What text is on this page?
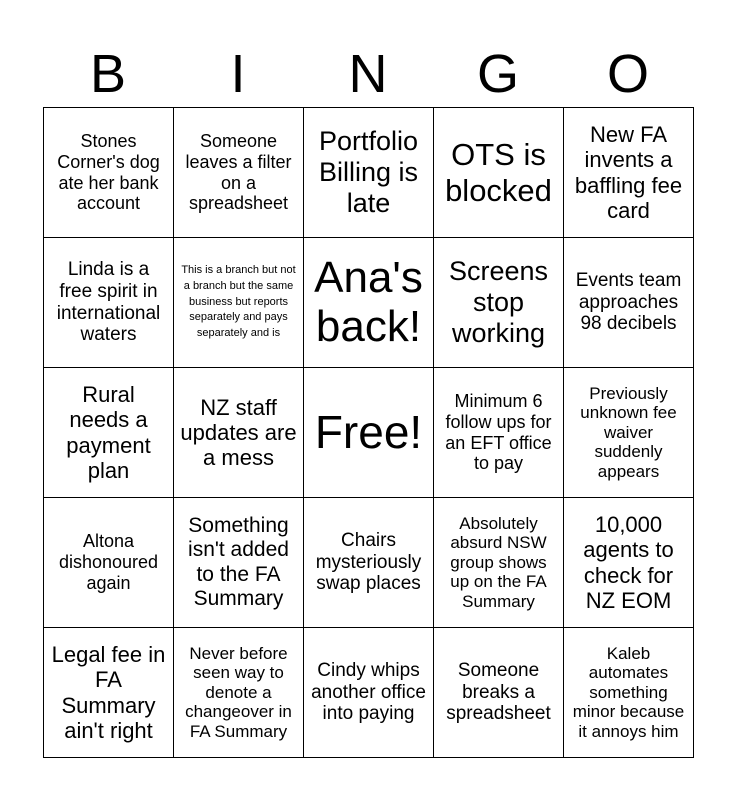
B	I	N	G	O
Stones Corner's dog ate her bank account
Someone leaves a filter on a spreadsheet
Portfolio Billing is late
OTS is blocked
New FA invents a baffling fee card
Linda is a free spirit in international waters
This is a branch but not a branch but the same business but reports separately and pays separately and is
Ana's back!
Screens stop working
Events team approaches 98 decibels
Rural needs a payment plan
NZ staff updates are a mess Free!
Minimum 6 follow ups for an EFT office to pay
Previously unknown fee waiver suddenly appears
Altona dishonoured again
Something isn't added to the FA Summary
Chairs mysteriously swap places
Absolutely absurd NSW group shows up on the FA Summary
10,000 agents to check for NZ EOM
Legal fee in FA Summary ain't right
Never before seen way to denote a changeover in FA Summary
Cindy whips another office into paying
Someone breaks a spreadsheet
Kaleb automates something minor because it annoys him
